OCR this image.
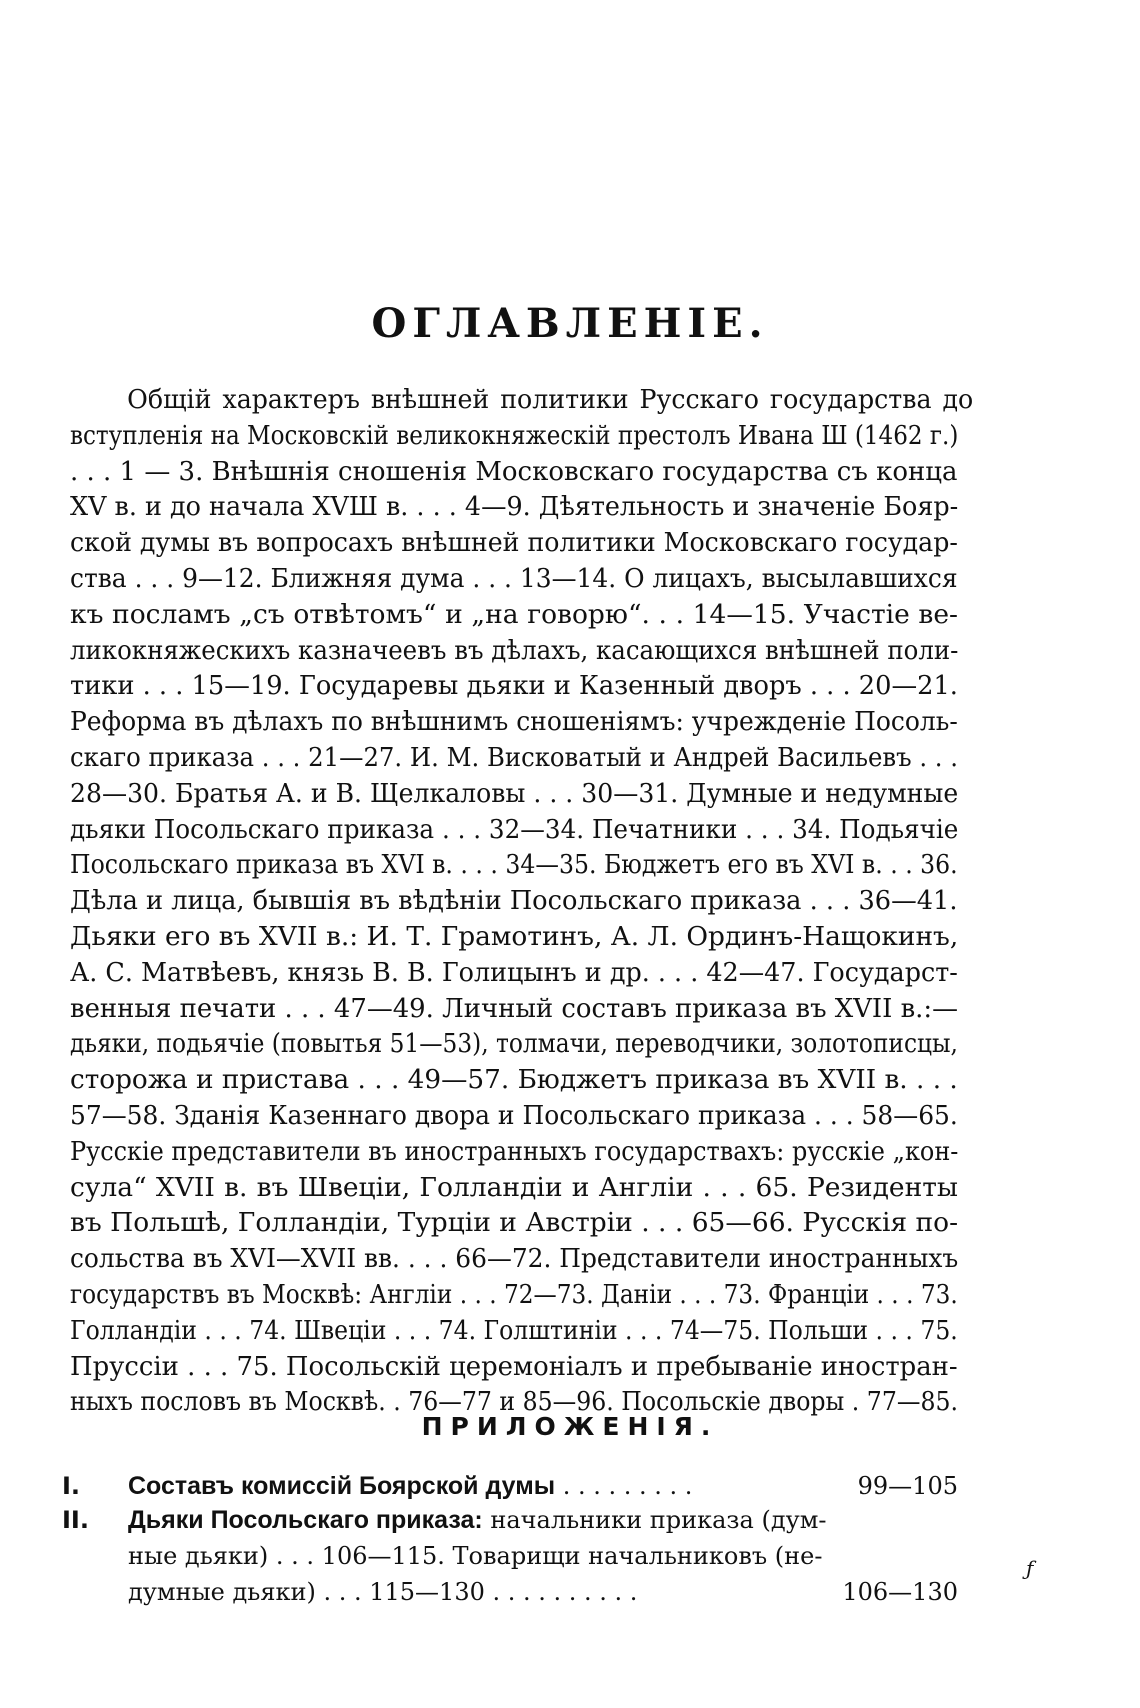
ОГЛАВЛЕНІЕ.
Общій характеръ внѣшней политики Русскаго государства до
вступленія на Московскій великокняжескій престолъ Ивана Ш (1462 г.)
. . . 1 — 3. Внѣшнія сношенія Московскаго государства съ конца
XV в. и до начала XVШ в. . . . 4—9. Дѣятельность и значеніе Бояр-
ской думы въ вопросахъ внѣшней политики Московскаго государ-
ства . . . 9—12. Ближняя дума . . . 13—14. О лицахъ, высылавшихся
къ посламъ „съ отвѣтомъ“ и „на говорю“. . . 14—15. Участіе ве-
ликокняжескихъ казначеевъ въ дѣлахъ, касающихся внѣшней поли-
тики . . . 15—19. Государевы дьяки и Казенный дворъ . . . 20—21.
Реформа въ дѣлахъ по внѣшнимъ сношеніямъ: учрежденіе Посоль-
скаго приказа . . . 21—27. И. М. Висковатый и Андрей Васильевъ . . .
28—30. Братья А. и В. Щелкаловы . . . 30—31. Думные и недумные
дьяки Посольскаго приказа . . . 32—34. Печатники . . . 34. Подьячіе
Посольскаго приказа въ XVI в. . . . 34—35. Бюджетъ его въ XVI в. . . 36.
Дѣла и лица, бывшія въ вѣдѣніи Посольскаго приказа . . . 36—41.
Дьяки его въ XVII в.: И. Т. Грамотинъ, А. Л. Ординъ-Нащокинъ,
А. С. Матвѣевъ, князь В. В. Голицынъ и др. . . . 42—47. Государст-
венныя печати . . . 47—49. Личный составъ приказа въ XVII в.:—
дьяки, подьячіе (повытья 51—53), толмачи, переводчики, золотописцы,
сторожа и пристава . . . 49—57. Бюджетъ приказа въ XVII в. . . .
57—58. Зданія Казеннаго двора и Посольскаго приказа . . . 58—65.
Русскіе представители въ иностранныхъ государствахъ: русскіе „кон-
сула“ XVII в. въ Швеціи, Голландіи и Англіи . . . 65. Резиденты
въ Польшѣ, Голландіи, Турціи и Австріи . . . 65—66. Русскія по-
сольства въ XVI—XVII вв. . . . 66—72. Представители иностранныхъ
государствъ въ Москвѣ: Англіи . . . 72—73. Даніи . . . 73. Франціи . . . 73.
Голландіи . . . 74. Швеціи . . . 74. Голштиніи . . . 74—75. Польши . . . 75.
Пруссіи . . . 75. Посольскій церемоніалъ и пребываніе иностран-
ныхъ пословъ въ Москвѣ. . 76—77 и 85—96. Посольскіе дворы . 77—85.
ПРИЛОЖЕНІЯ.
I. Составъ комиссій Боярской думы . . . . . . . . .	99—105
II. Дьяки Посольскаго приказа: начальники приказа (дум-
ные дьяки) . . . 106—115. Товарищи начальниковъ (не-
думные дьяки) . . . 115—130 . . . . . . . . . .	106—130
ƒ
